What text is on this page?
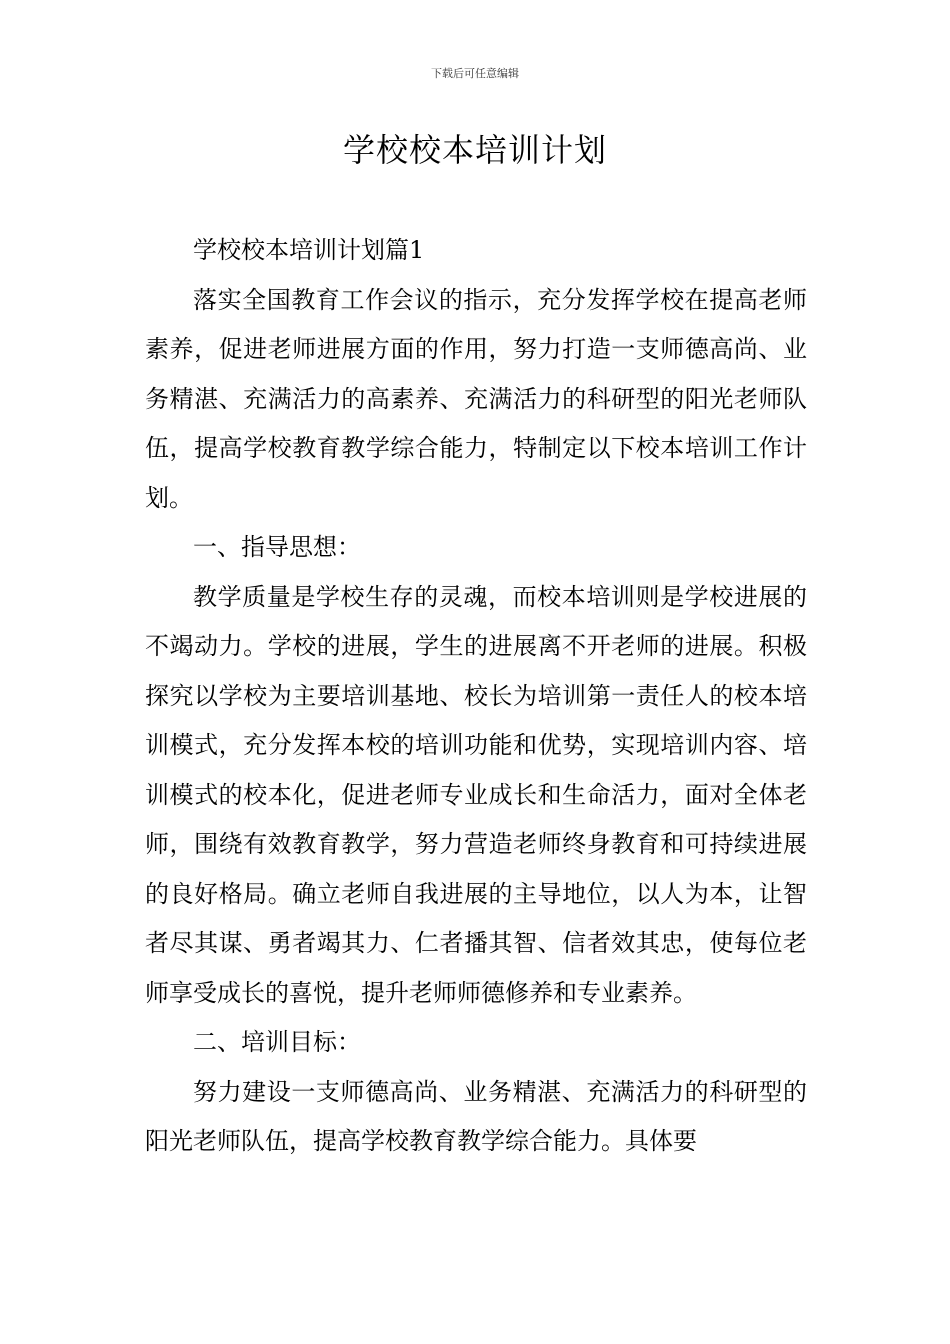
下载后可任意编辑
学校校本培训计划

学校校本培训计划篇1

落实全国教育工作会议的指示，充分发挥学校在提高老师素养，促进老师进展方面的作用，努力打造一支师德高尚、业务精湛、充满活力的高素养、充满活力的科研型的阳光老师队伍，提高学校教育教学综合能力，特制定以下校本培训工作计划。

一、指导思想：

教学质量是学校生存的灵魂，而校本培训则是学校进展的不竭动力。学校的进展，学生的进展离不开老师的进展。积极探究以学校为主要培训基地、校长为培训第一责任人的校本培训模式，充分发挥本校的培训功能和优势，实现培训内容、培训模式的校本化，促进老师专业成长和生命活力，面对全体老师，围绕有效教育教学，努力营造老师终身教育和可持续进展的良好格局。确立老师自我进展的主导地位，以人为本，让智者尽其谋、勇者竭其力、仁者播其智、信者效其忠，使每位老师享受成长的喜悦，提升老师师德修养和专业素养。

二、培训目标：

努力建设一支师德高尚、业务精湛、充满活力的科研型的阳光老师队伍，提高学校教育教学综合能力。具体要
